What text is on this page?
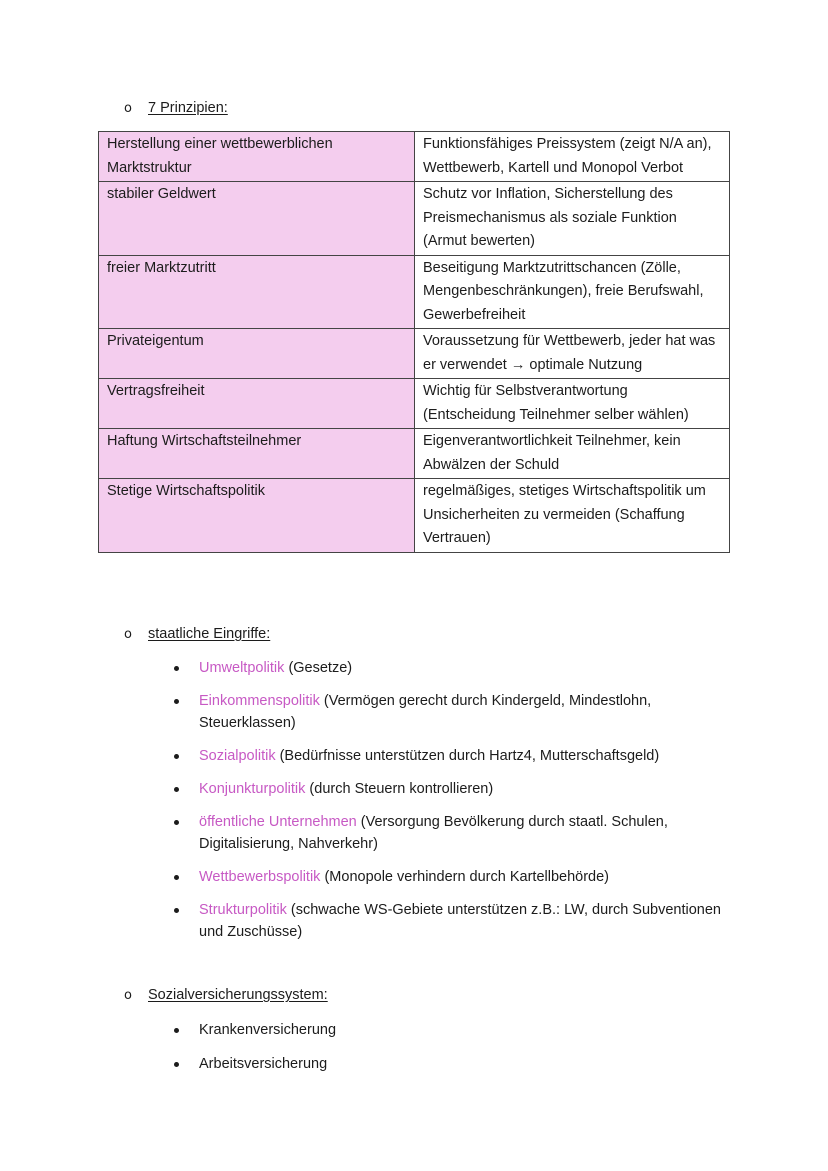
o	7 Prinzipien:
Herstellung einer wettbewerblichen Marktstruktur	Funktionsfähiges Preissystem (zeigt N/A an), Wettbewerb, Kartell und Monopol Verbot
stabiler Geldwert	Schutz vor Inflation, Sicherstellung des Preismechanismus als soziale Funktion (Armut bewerten)
freier Marktzutritt	Beseitigung Marktzutrittschancen (Zölle, Mengenbeschränkungen), freie Berufswahl, Gewerbefreiheit
Privateigentum	Voraussetzung für Wettbewerb, jeder hat was er verwendet → optimale Nutzung
Vertragsfreiheit	Wichtig für Selbstverantwortung (Entscheidung Teilnehmer selber wählen)
Haftung Wirtschaftsteilnehmer	Eigenverantwortlichkeit Teilnehmer, kein Abwälzen der Schuld
Stetige Wirtschaftspolitik	regelmäßiges, stetiges Wirtschaftspolitik um Unsicherheiten zu vermeiden (Schaffung Vertrauen)
o	staatliche Eingriffe:
Umweltpolitik (Gesetze)
Einkommenspolitik (Vermögen gerecht durch Kindergeld, Mindestlohn, Steuerklassen)
Sozialpolitik (Bedürfnisse unterstützen durch Hartz4, Mutterschaftsgeld)
Konjunkturpolitik (durch Steuern kontrollieren)
öffentliche Unternehmen (Versorgung Bevölkerung durch staatl. Schulen, Digitalisierung, Nahverkehr)
Wettbewerbspolitik (Monopole verhindern durch Kartellbehörde)
Strukturpolitik (schwache WS-Gebiete unterstützen z.B.: LW, durch Subventionen und Zuschüsse)
o	Sozialversicherungssystem:
Krankenversicherung
Arbeitsversicherung
